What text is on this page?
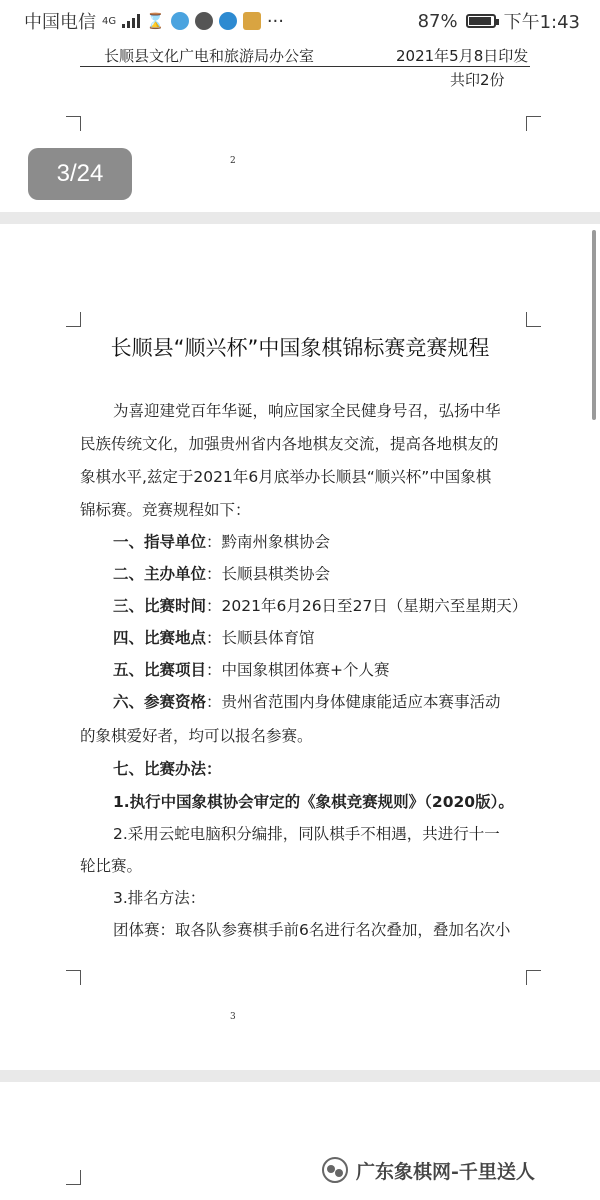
中国电信 4G ⌛	···	87%	下午1:43
长顺县文化广电和旅游局办公室	2021年5月8日印发
共印2份
2
3/24
长顺县“顺兴杯”中国象棋锦标赛竞赛规程
为喜迎建党百年华诞，响应国家全民健身号召，弘扬中华
民族传统文化，加强贵州省内各地棋友交流，提高各地棋友的
象棋水平,兹定于2021年6月底举办长顺县“顺兴杯”中国象棋
锦标赛。竞赛规程如下：
一、指导单位：黔南州象棋协会
二、主办单位：长顺县棋类协会
三、比赛时间：2021年6月26日至27日（星期六至星期天）
四、比赛地点：长顺县体育馆
五、比赛项目：中国象棋团体赛+个人赛
六、参赛资格：贵州省范围内身体健康能适应本赛事活动
的象棋爱好者，均可以报名参赛。
七、比赛办法：
1.执行中国象棋协会审定的《象棋竞赛规则》（2020版）。
2.采用云蛇电脑积分编排，同队棋手不相遇，共进行十一
轮比赛。
3.排名方法：
团体赛：取各队参赛棋手前6名进行名次叠加，叠加名次小
3
广东象棋网-千里送人
